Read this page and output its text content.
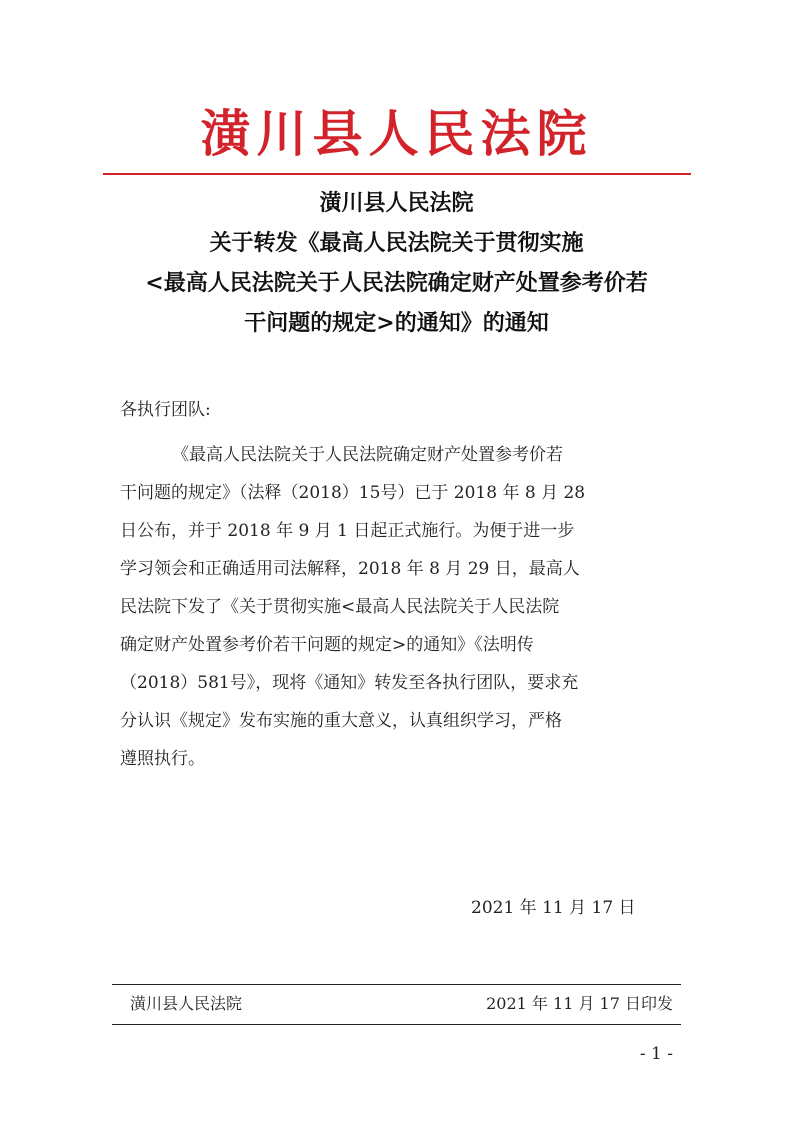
潢川县人民法院
潢川县人民法院
关于转发《最高人民法院关于贯彻实施
<最高人民法院关于人民法院确定财产处置参考价若
干问题的规定>的通知》的通知
各执行团队:
《最高人民法院关于人民法院确定财产处置参考价若
干问题的规定》（法释（2018）15号）已于 2018 年 8 月 28
日公布，并于 2018 年 9 月 1 日起正式施行。为便于进一步
学习领会和正确适用司法解释，2018 年 8 月 29 日，最高人
民法院下发了《关于贯彻实施<最高人民法院关于人民法院
确定财产处置参考价若干问题的规定>的通知》《法明传
（2018）581号》，现将《通知》转发至各执行团队，要求充
分认识《规定》发布实施的重大意义，认真组织学习，严格
遵照执行。
2021 年 11 月 17 日
潢川县人民法院	2021 年 11 月 17 日印发
- 1 -
